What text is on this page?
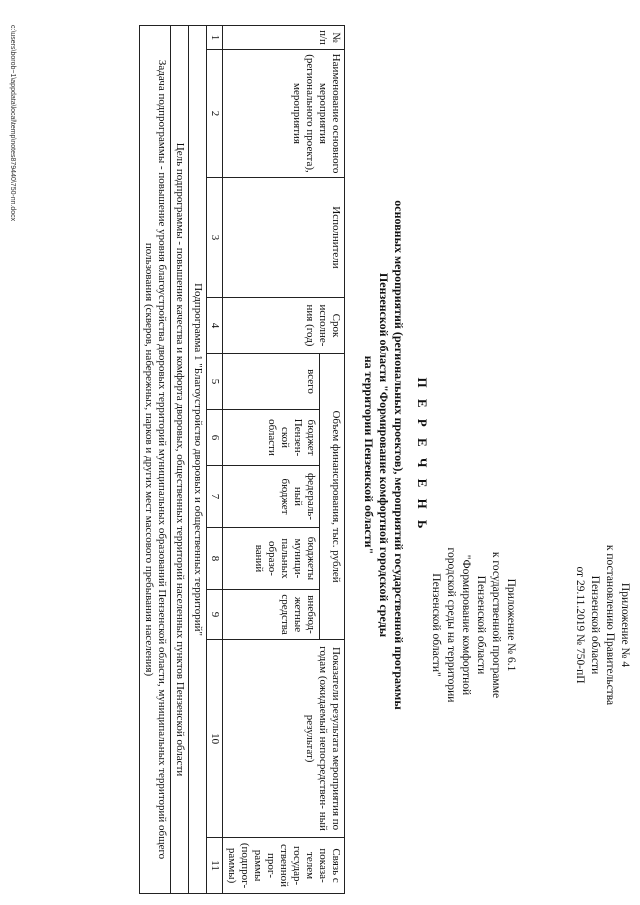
Приложение № 4
к постановлению Правительства
Пензенской области
от 29.11.2019 № 750-пП
Приложение № 6.1
к государственной программе
Пензенской области
"Формирование комфортной
городской среды на территории
Пензенской области"
П Е Р Е Ч Е Н Ь
основных мероприятий (региональных проектов), мероприятий государственной программы
Пензенской области "Формирование комфортной городской среды
на территории Пензенской области"
№ п/п	Наименование основного мероприятия (регионального проекта), мероприятия	Исполнители	Срок исполне- ния (год)	Объем финансирования, тыс. рублей					Показатели результата мероприятия по годам (ожидаемый непосредствен- ный результат)	Связь с показа- телем государ- ственной прог- раммы (подпрог- раммы)
				всего	бюджет Пензен- ской области	федераль- ный бюджет	бюджеты муници- пальных образо- ваний	внебюд- жетные средства		
1	2	3	4	5	6	7	8	9	10	11
Подпрограмма 1 "Благоустройство дворовых и общественных территорий"										
Цель подпрограммы - повышение качества и комфорта дворовых, общественных территорий населенных пунктов Пензенской области										
Задача подпрограммы - повышение уровня благоустройства дворовых территорий муниципальных образований Пензенской области, муниципальных территорий общего пользования (скверов, набережных, парков и других мест массового пребывания населения)										
c:\users\borob~1\appdata\local\temp\notes879440\750-пп.docx
